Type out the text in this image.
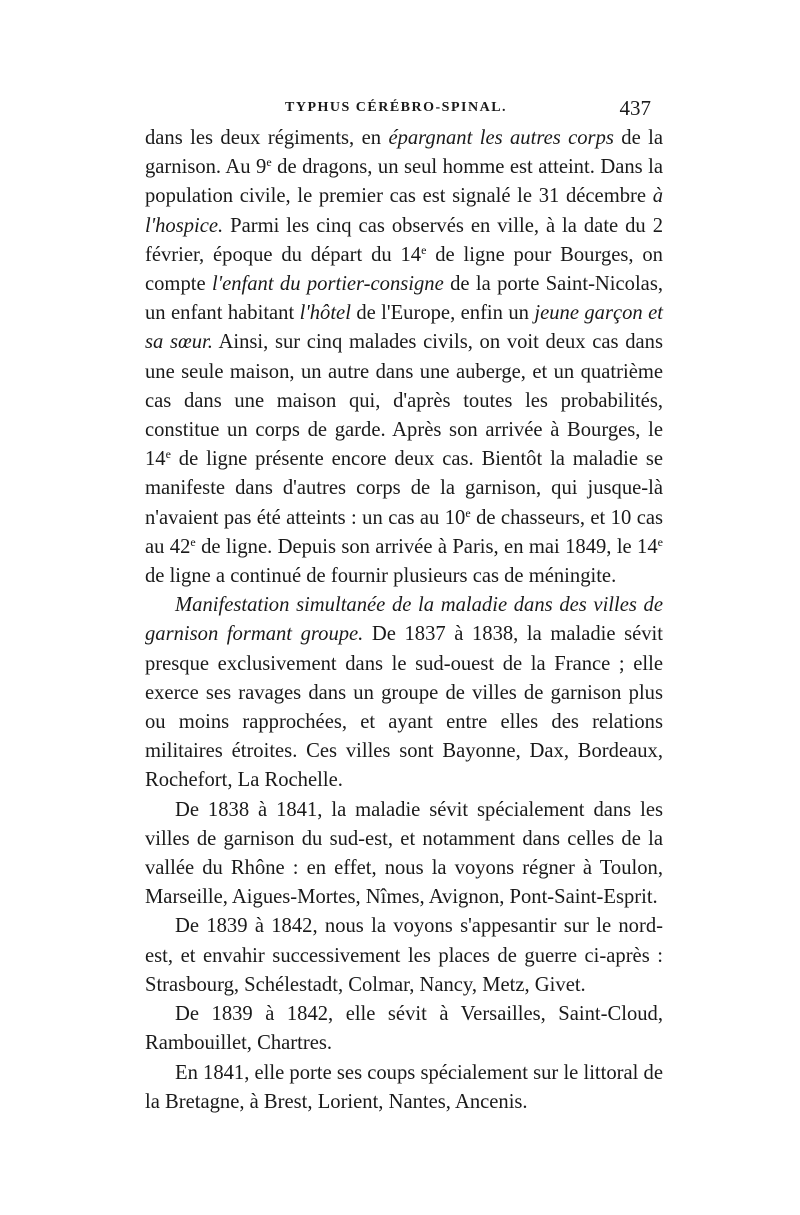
TYPHUS CÉRÉBRO-SPINAL.	437

dans les deux régiments, en épargnant les autres corps de la garnison. Au 9e de dragons, un seul homme est atteint. Dans la population civile, le premier cas est signalé le 31 décembre à l'hospice. Parmi les cinq cas observés en ville, à la date du 2 février, époque du départ du 14e de ligne pour Bourges, on compte l'enfant du portier-consigne de la porte Saint-Nicolas, un enfant habitant l'hôtel de l'Europe, enfin un jeune garçon et sa sœur. Ainsi, sur cinq malades civils, on voit deux cas dans une seule maison, un autre dans une auberge, et un quatrième cas dans une maison qui, d'après toutes les probabilités, constitue un corps de garde. Après son arrivée à Bourges, le 14e de ligne présente encore deux cas. Bientôt la maladie se manifeste dans d'autres corps de la garnison, qui jusque-là n'avaient pas été atteints : un cas au 10e de chasseurs, et 10 cas au 42e de ligne. Depuis son arrivée à Paris, en mai 1849, le 14e de ligne a continué de fournir plusieurs cas de méningite.

Manifestation simultanée de la maladie dans des villes de garnison formant groupe. De 1837 à 1838, la maladie sévit presque exclusivement dans le sud-ouest de la France ; elle exerce ses ravages dans un groupe de villes de garnison plus ou moins rapprochées, et ayant entre elles des relations militaires étroites. Ces villes sont Bayonne, Dax, Bordeaux, Rochefort, La Rochelle.

De 1838 à 1841, la maladie sévit spécialement dans les villes de garnison du sud-est, et notamment dans celles de la vallée du Rhône : en effet, nous la voyons régner à Toulon, Marseille, Aigues-Mortes, Nîmes, Avignon, Pont-Saint-Esprit.

De 1839 à 1842, nous la voyons s'appesantir sur le nord-est, et envahir successivement les places de guerre ci-après : Strasbourg, Schélestadt, Colmar, Nancy, Metz, Givet.

De 1839 à 1842, elle sévit à Versailles, Saint-Cloud, Rambouillet, Chartres.

En 1841, elle porte ses coups spécialement sur le littoral de la Bretagne, à Brest, Lorient, Nantes, Ancenis.
